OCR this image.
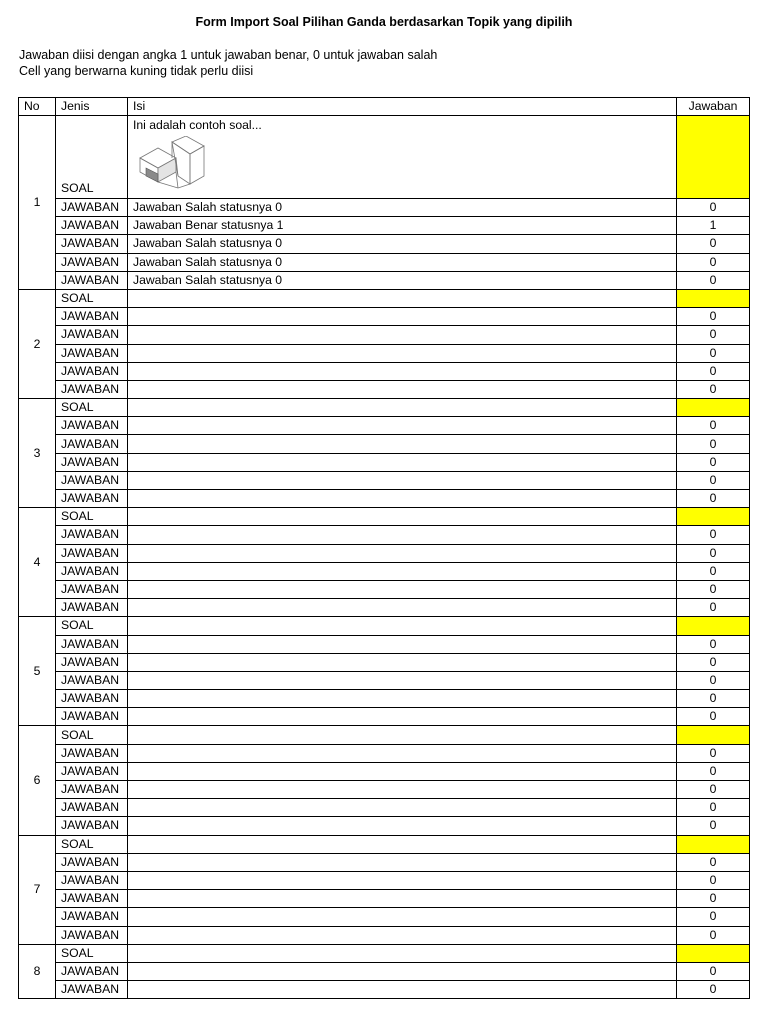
Form Import Soal Pilihan Ganda berdasarkan Topik yang dipilih
Jawaban diisi dengan angka 1 untuk jawaban benar, 0 untuk jawaban salah
Cell yang berwarna kuning tidak perlu diisi
No	Jenis	Isi	Jawaban
1	SOAL	Ini adalah contoh soal...

	JAWABAN	Jawaban Salah statusnya 0	0
	JAWABAN	Jawaban Benar statusnya 1	1
	JAWABAN	Jawaban Salah statusnya 0	0
	JAWABAN	Jawaban Salah statusnya 0	0
	JAWABAN	Jawaban Salah statusnya 0	0
2	SOAL		
	JAWABAN		0
	JAWABAN		0
	JAWABAN		0
	JAWABAN		0
	JAWABAN		0
3	SOAL		
	JAWABAN		0
	JAWABAN		0
	JAWABAN		0
	JAWABAN		0
	JAWABAN		0
4	SOAL		
	JAWABAN		0
	JAWABAN		0
	JAWABAN		0
	JAWABAN		0
	JAWABAN		0
5	SOAL		
	JAWABAN		0
	JAWABAN		0
	JAWABAN		0
	JAWABAN		0
	JAWABAN		0
6	SOAL		
	JAWABAN		0
	JAWABAN		0
	JAWABAN		0
	JAWABAN		0
	JAWABAN		0
7	SOAL		
	JAWABAN		0
	JAWABAN		0
	JAWABAN		0
	JAWABAN		0
	JAWABAN		0
8	SOAL		
	JAWABAN		0
	JAWABAN		0
